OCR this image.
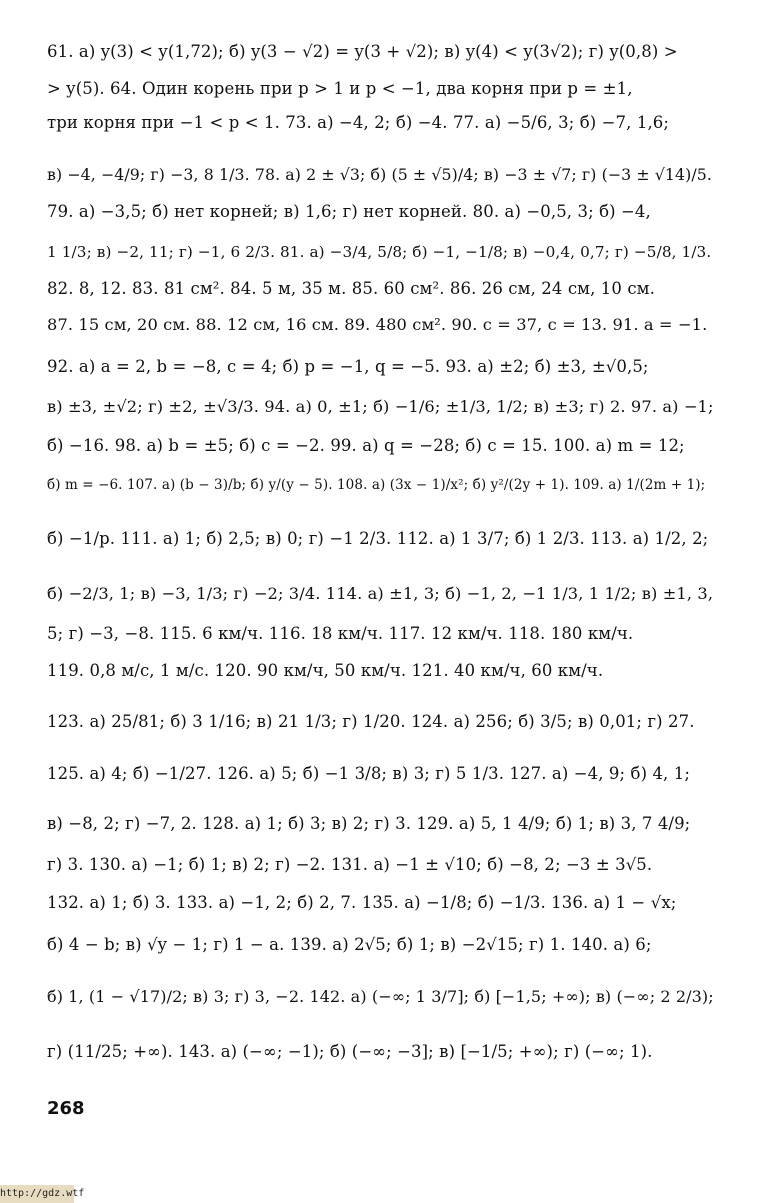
61. а) y(3) < y(1,72); б) y(3 − √2) = y(3 + √2); в) y(4) < y(3√2); г) y(0,8) >
> y(5). 64. Один корень при p > 1 и p < −1, два корня при p = ±1,
три корня при −1 < p < 1. 73. а) −4, 2; б) −4. 77. а) −5/6, 3; б) −7, 1,6;
в) −4, −4/9; г) −3, 8 1/3. 78. а) 2 ± √3; б) (5 ± √5)/4; в) −3 ± √7; г) (−3 ± √14)/5.
79. а) −3,5; б) нет корней; в) 1,6; г) нет корней. 80. а) −0,5, 3; б) −4,
1 1/3; в) −2, 11; г) −1, 6 2/3. 81. а) −3/4, 5/8; б) −1, −1/8; в) −0,4, 0,7; г) −5/8, 1/3.
82. 8, 12. 83. 81 см². 84. 5 м, 35 м. 85. 60 см². 86. 26 см, 24 см, 10 см.
87. 15 см, 20 см. 88. 12 см, 16 см. 89. 480 см². 90. c = 37, c = 13. 91. a = −1.
92. а) a = 2, b = −8, c = 4; б) p = −1, q = −5. 93. а) ±2; б) ±3, ±√0,5;
в) ±3, ±√2; г) ±2, ±√3/3. 94. а) 0, ±1; б) −1/6; ±1/3, 1/2; в) ±3; г) 2. 97. а) −1;
б) −16. 98. а) b = ±5; б) c = −2. 99. а) q = −28; б) c = 15. 100. а) m = 12;
б) m = −6. 107. а) (b − 3)/b; б) y/(y − 5). 108. а) (3x − 1)/x²; б) y²/(2y + 1). 109. а) 1/(2m + 1);
б) −1/p. 111. а) 1; б) 2,5; в) 0; г) −1 2/3. 112. а) 1 3/7; б) 1 2/3. 113. а) 1/2, 2;
б) −2/3, 1; в) −3, 1/3; г) −2; 3/4. 114. а) ±1, 3; б) −1, 2, −1 1/3, 1 1/2; в) ±1, 3,
5; г) −3, −8. 115. 6 км/ч. 116. 18 км/ч. 117. 12 км/ч. 118. 180 км/ч.
119. 0,8 м/с, 1 м/с. 120. 90 км/ч, 50 км/ч. 121. 40 км/ч, 60 км/ч.
123. а) 25/81; б) 3 1/16; в) 21 1/3; г) 1/20. 124. а) 256; б) 3/5; в) 0,01; г) 27.
125. а) 4; б) −1/27. 126. а) 5; б) −1 3/8; в) 3; г) 5 1/3. 127. а) −4, 9; б) 4, 1;
в) −8, 2; г) −7, 2. 128. а) 1; б) 3; в) 2; г) 3. 129. а) 5, 1 4/9; б) 1; в) 3, 7 4/9;
г) 3. 130. а) −1; б) 1; в) 2; г) −2. 131. а) −1 ± √10; б) −8, 2; −3 ± 3√5.
132. а) 1; б) 3. 133. а) −1, 2; б) 2, 7. 135. а) −1/8; б) −1/3. 136. а) 1 − √x;
б) 4 − b; в) √y − 1; г) 1 − a. 139. а) 2√5; б) 1; в) −2√15; г) 1. 140. а) 6;
б) 1, (1 − √17)/2; в) 3; г) 3, −2. 142. а) (−∞; 1 3/7]; б) [−1,5; +∞); в) (−∞; 2 2/3);
г) (11/25; +∞). 143. а) (−∞; −1); б) (−∞; −3]; в) [−1/5; +∞); г) (−∞; 1).
268
http://gdz.wtf
